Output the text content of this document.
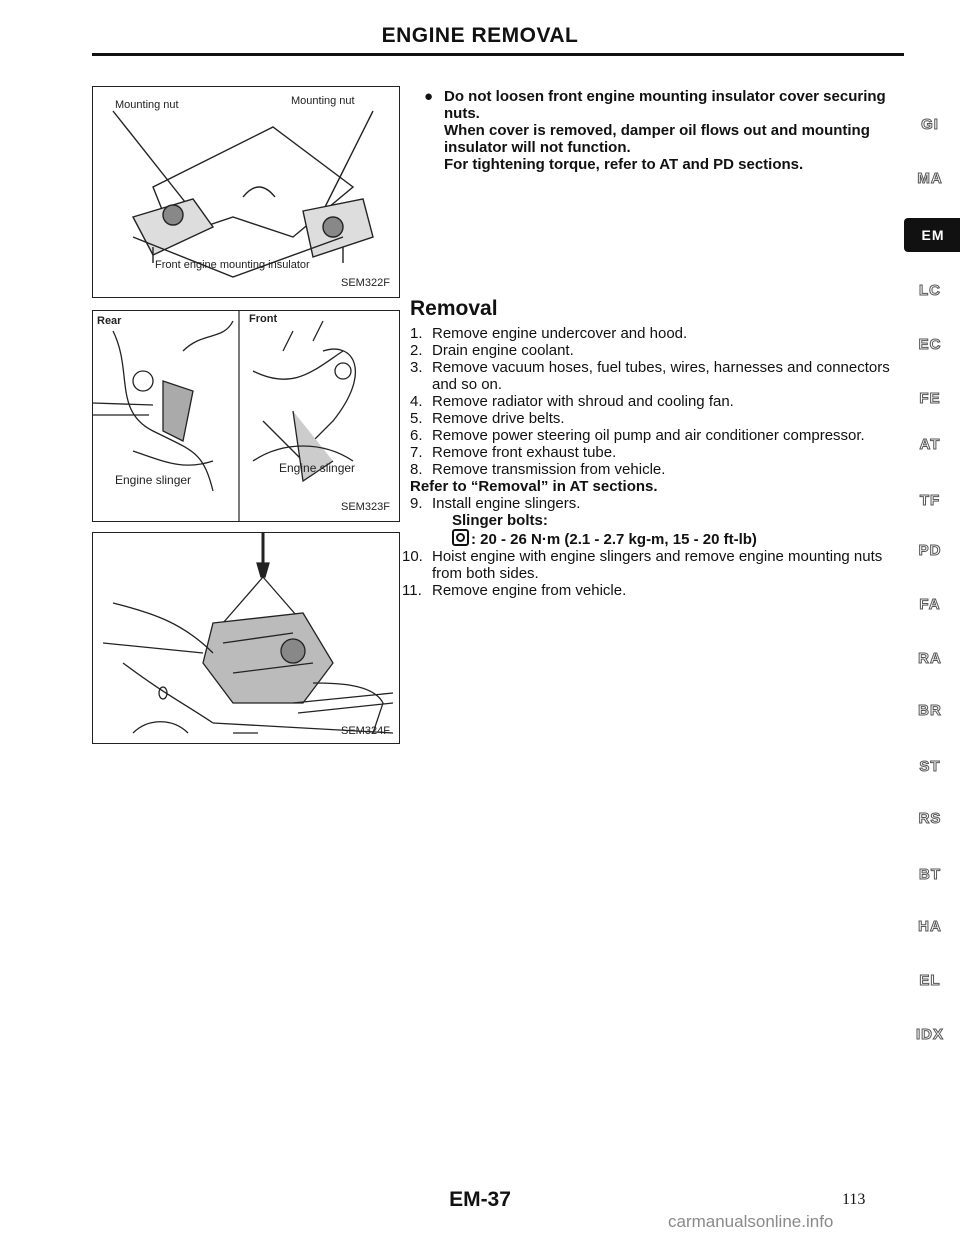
ENGINE REMOVAL
Mounting nut	Mounting nut
Front engine mounting insulator
SEM322F
Rear	Front
Engine slinger
Engine slinger
SEM323F
SEM324F
● Do not loosen front engine mounting insulator cover securing nuts.

When cover is removed, damper oil flows out and mounting insulator will not function.

For tightening torque, refer to AT and PD sections.

Removal
1. Remove engine undercover and hood.
2. Drain engine coolant.
3. Remove vacuum hoses, fuel tubes, wires, harnesses and connectors and so on.
4. Remove radiator with shroud and cooling fan.
5. Remove drive belts.
6. Remove power steering oil pump and air conditioner compressor.
7. Remove front exhaust tube.
8. Remove transmission from vehicle.

Refer to “Removal” in AT sections.

9. Install engine slingers.

Slinger bolts:

: 20 - 26 N·m (2.1 - 2.7 kg-m, 15 - 20 ft-lb)

10. Hoist engine with engine slingers and remove engine mounting nuts from both sides.
11. Remove engine from vehicle.
GI
MA
EM
LC
EC
FE
AT
TF
PD
FA
RA
BR
ST
RS
BT
HA
EL
IDX
EM-37	113
carmanualsonline.info
